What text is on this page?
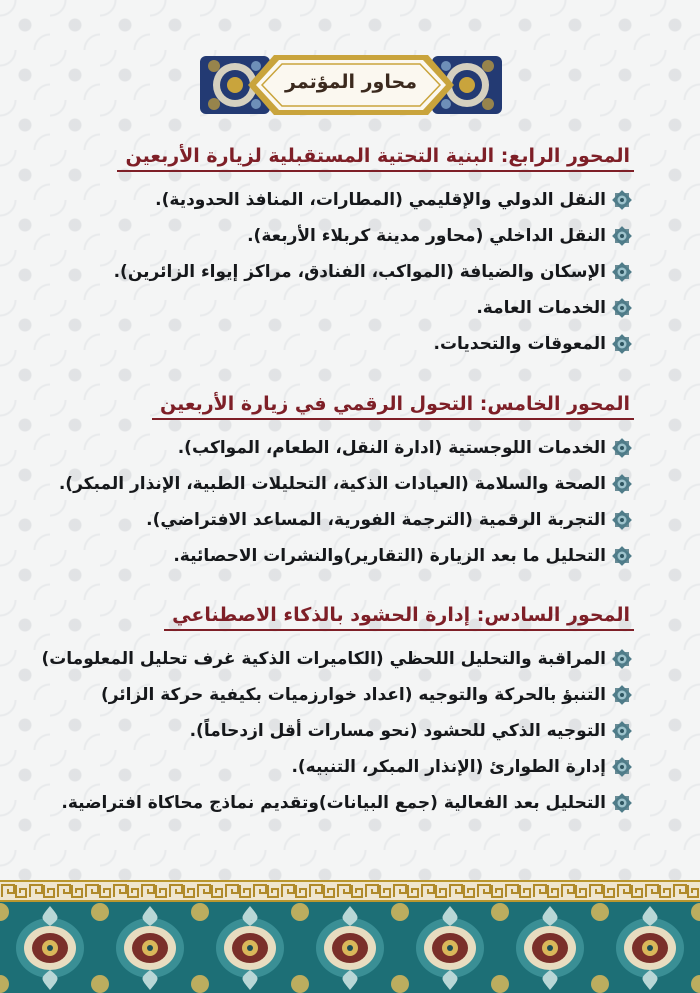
محاور المؤتمر
المحور الرابع: البنية التحتية المستقبلية لزيارة الأربعين
النقل الدولي والإقليمي (المطارات، المنافذ الحدودية).
النقل الداخلي (محاور مدينة كربلاء الأربعة).
الإسكان والضيافة (المواكب، الفنادق، مراكز إيواء الزائرين).
الخدمات العامة.
المعوقات والتحديات.
المحور الخامس: التحول الرقمي في زيارة الأربعين
الخدمات اللوجستية (ادارة النقل، الطعام، المواكب).
الصحة والسلامة (العيادات الذكية، التحليلات الطبية، الإنذار المبكر).
التجربة الرقمية (الترجمة الفورية، المساعد الافتراضي).
التحليل ما بعد الزيارة (التقارير)والنشرات الاحصائية.
المحور السادس: إدارة الحشود بالذكاء الاصطناعي
المراقبة والتحليل اللحظي (الكاميرات الذكية غرف تحليل المعلومات)
التنبؤ بالحركة والتوجيه (اعداد خوارزميات بكيفية حركة الزائر)
التوجيه الذكي للحشود (نحو مسارات أقل ازدحاماً).
إدارة الطوارئ (الإنذار المبكر، التنبيه).
التحليل بعد الفعالية (جمع البيانات)وتقديم نماذج محاكاة افتراضية.
